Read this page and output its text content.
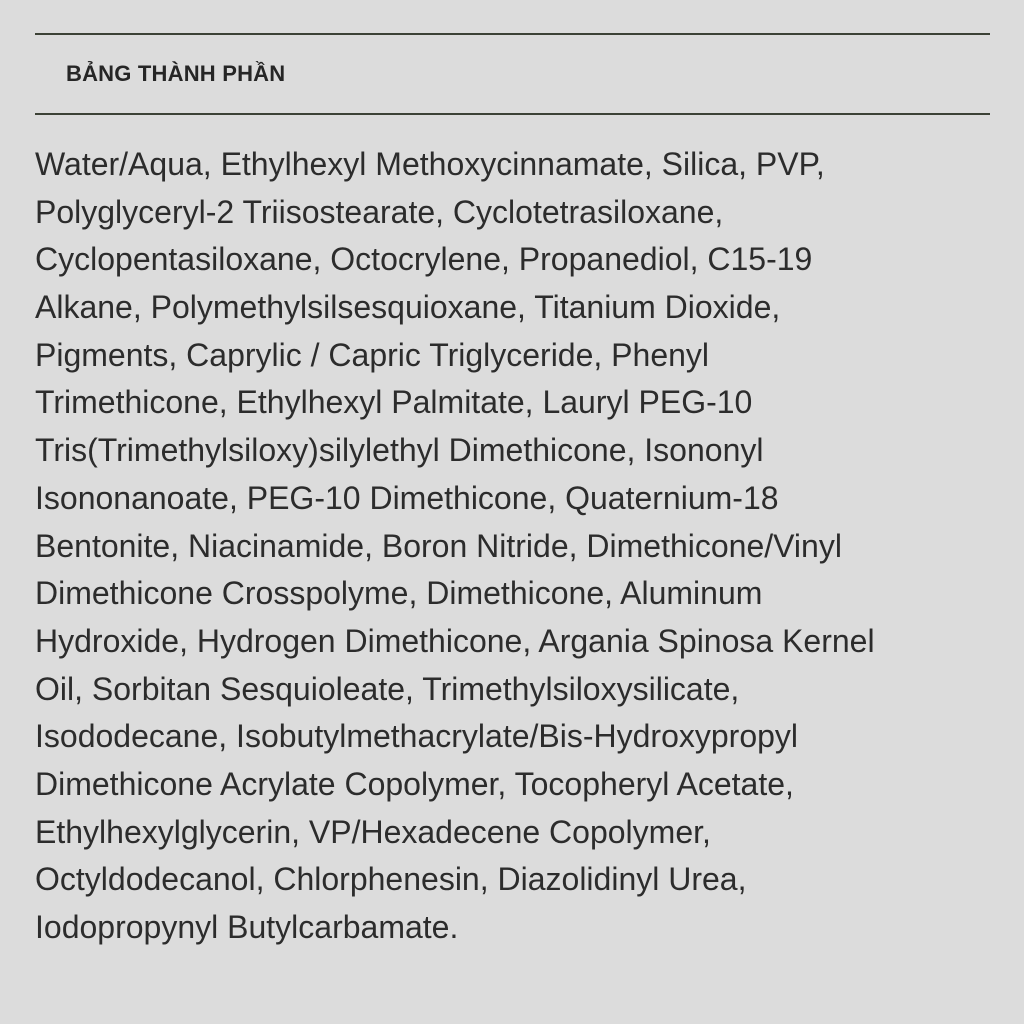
BẢNG THÀNH PHẦN
Water/Aqua, Ethylhexyl Methoxycinnamate, Silica, PVP,
Polyglyceryl-2 Triisostearate, Cyclotetrasiloxane,
Cyclopentasiloxane, Octocrylene, Propanediol, C15-19
Alkane, Polymethylsilsesquioxane, Titanium Dioxide,
Pigments, Caprylic / Capric Triglyceride, Phenyl
Trimethicone, Ethylhexyl Palmitate, Lauryl PEG-10
Tris(Trimethylsiloxy)silylethyl Dimethicone, Isononyl
Isononanoate, PEG-10 Dimethicone, Quaternium-18
Bentonite, Niacinamide, Boron Nitride, Dimethicone/Vinyl
Dimethicone Crosspolyme, Dimethicone, Aluminum
Hydroxide, Hydrogen Dimethicone, Argania Spinosa Kernel
Oil, Sorbitan Sesquioleate, Trimethylsiloxysilicate,
Isododecane, Isobutylmethacrylate/Bis-Hydroxypropyl
Dimethicone Acrylate Copolymer, Tocopheryl Acetate,
Ethylhexylglycerin, VP/Hexadecene Copolymer,
Octyldodecanol, Chlorphenesin, Diazolidinyl Urea,
Iodopropynyl Butylcarbamate.
